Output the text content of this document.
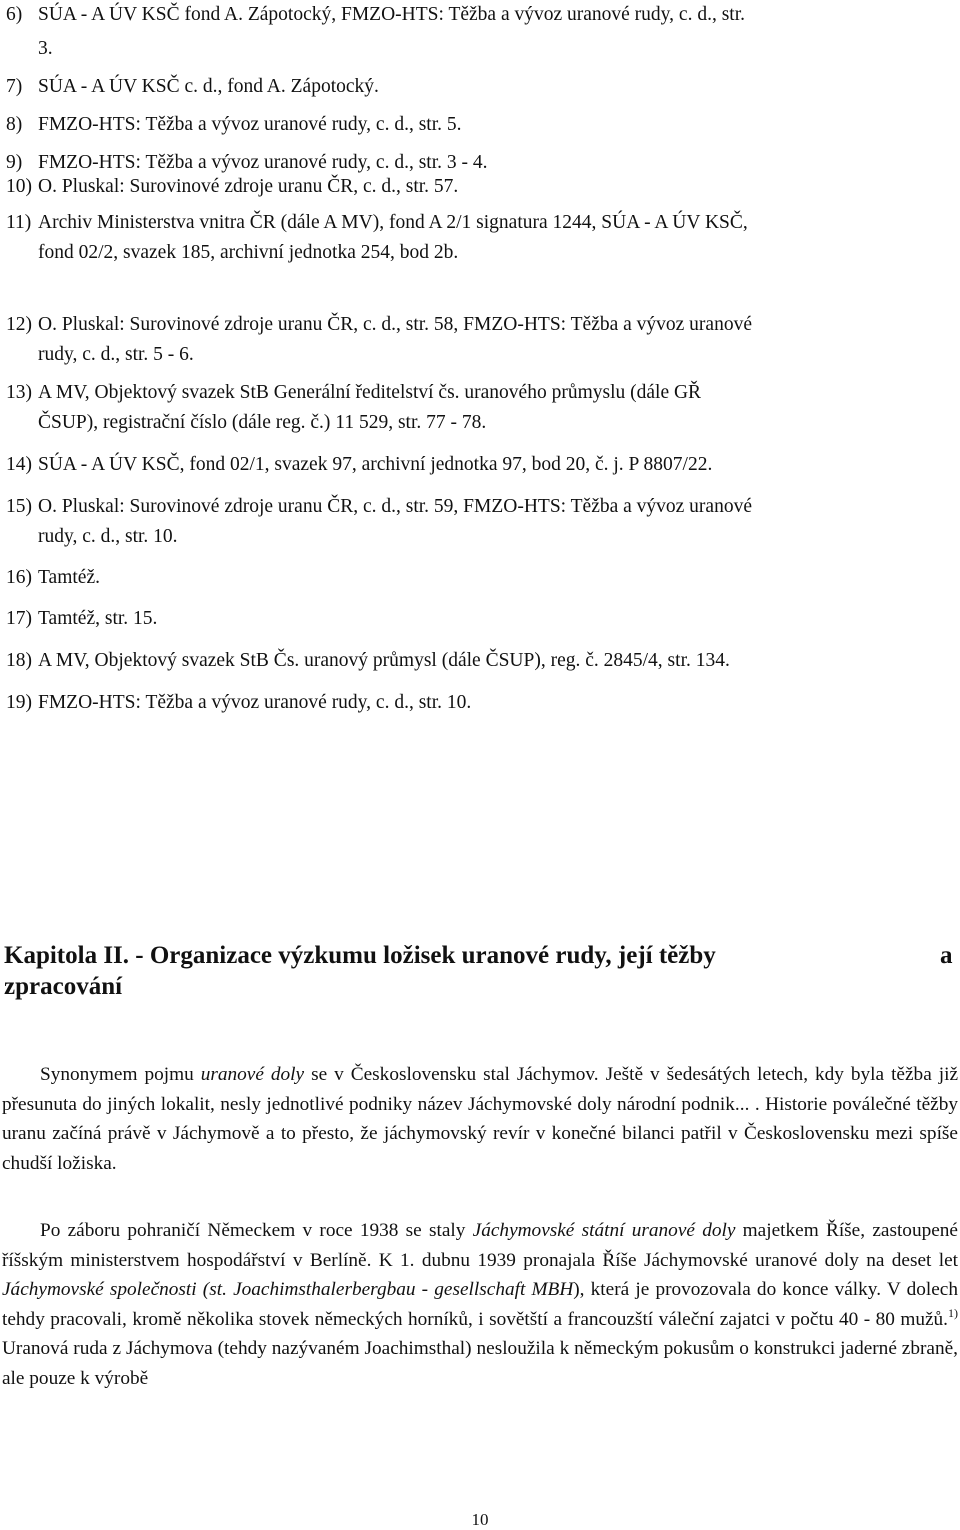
6) SÚA - A ÚV KSČ fond A. Zápotocký, FMZO-HTS: Těžba a vývoz uranové rudy, c. d., str.
3.
7) SÚA - A ÚV KSČ c. d., fond A. Zápotocký.
8) FMZO-HTS: Těžba a vývoz uranové rudy, c. d., str. 5.
9) FMZO-HTS: Těžba a vývoz uranové rudy, c. d., str. 3 - 4.
10) O. Pluskal: Surovinové zdroje uranu ČR, c. d., str. 57.
11) Archiv Ministerstva vnitra ČR (dále A MV), fond A 2/1 signatura 1244, SÚA - A ÚV KSČ,
fond 02/2, svazek 185, archivní jednotka 254, bod 2b.
12) O. Pluskal: Surovinové zdroje uranu ČR, c. d., str. 58, FMZO-HTS: Těžba a vývoz uranové
rudy, c. d., str. 5 - 6.
13) A MV, Objektový svazek StB Generální ředitelství čs. uranového průmyslu (dále GŘ
ČSUP), registrační číslo (dále reg. č.) 11 529, str. 77 - 78.
14) SÚA - A ÚV KSČ, fond 02/1, svazek 97, archivní jednotka 97, bod 20, č. j. P 8807/22.
15) O. Pluskal: Surovinové zdroje uranu ČR, c. d., str. 59, FMZO-HTS: Těžba a vývoz uranové
rudy, c. d., str. 10.
16) Tamtéž.
17) Tamtéž, str. 15.
18) A MV, Objektový svazek StB Čs. uranový průmysl (dále ČSUP), reg. č. 2845/4, str. 134.
19) FMZO-HTS: Těžba a vývoz uranové rudy, c. d., str. 10.
Kapitola II. - Organizace výzkumu ložisek uranové rudy, její těžby	a
zpracování

Synonymem pojmu uranové doly se v Československu stal Jáchymov. Ještě v šedesátých letech, kdy byla těžba již přesunuta do jiných lokalit, nesly jednotlivé podniky název Jáchymovské doly národní podnik... . Historie poválečné těžby uranu začíná právě v Jáchymově a to přesto, že jáchymovský revír v konečné bilanci patřil v Československu mezi spíše chudší ložiska.

Po záboru pohraničí Německem v roce 1938 se staly Jáchymovské státní uranové doly majetkem Říše, zastoupené říšským ministerstvem hospodářství v Berlíně. K 1. dubnu 1939 pronajala Říše Jáchymovské uranové doly na deset let Jáchymovské společnosti (st. Joachimsthalerbergbau - gesellschaft MBH), která je provozovala do konce války. V dolech tehdy pracovali, kromě několika stovek německých horníků, i sovětští a francouzští váleční zajatci v počtu 40 - 80 mužů.$^{1)}$ Uranová ruda z Jáchymova (tehdy nazývaném Joachimsthal) nesloužila k německým pokusům o konstrukci jaderné zbraně, ale pouze k výrobě

10
